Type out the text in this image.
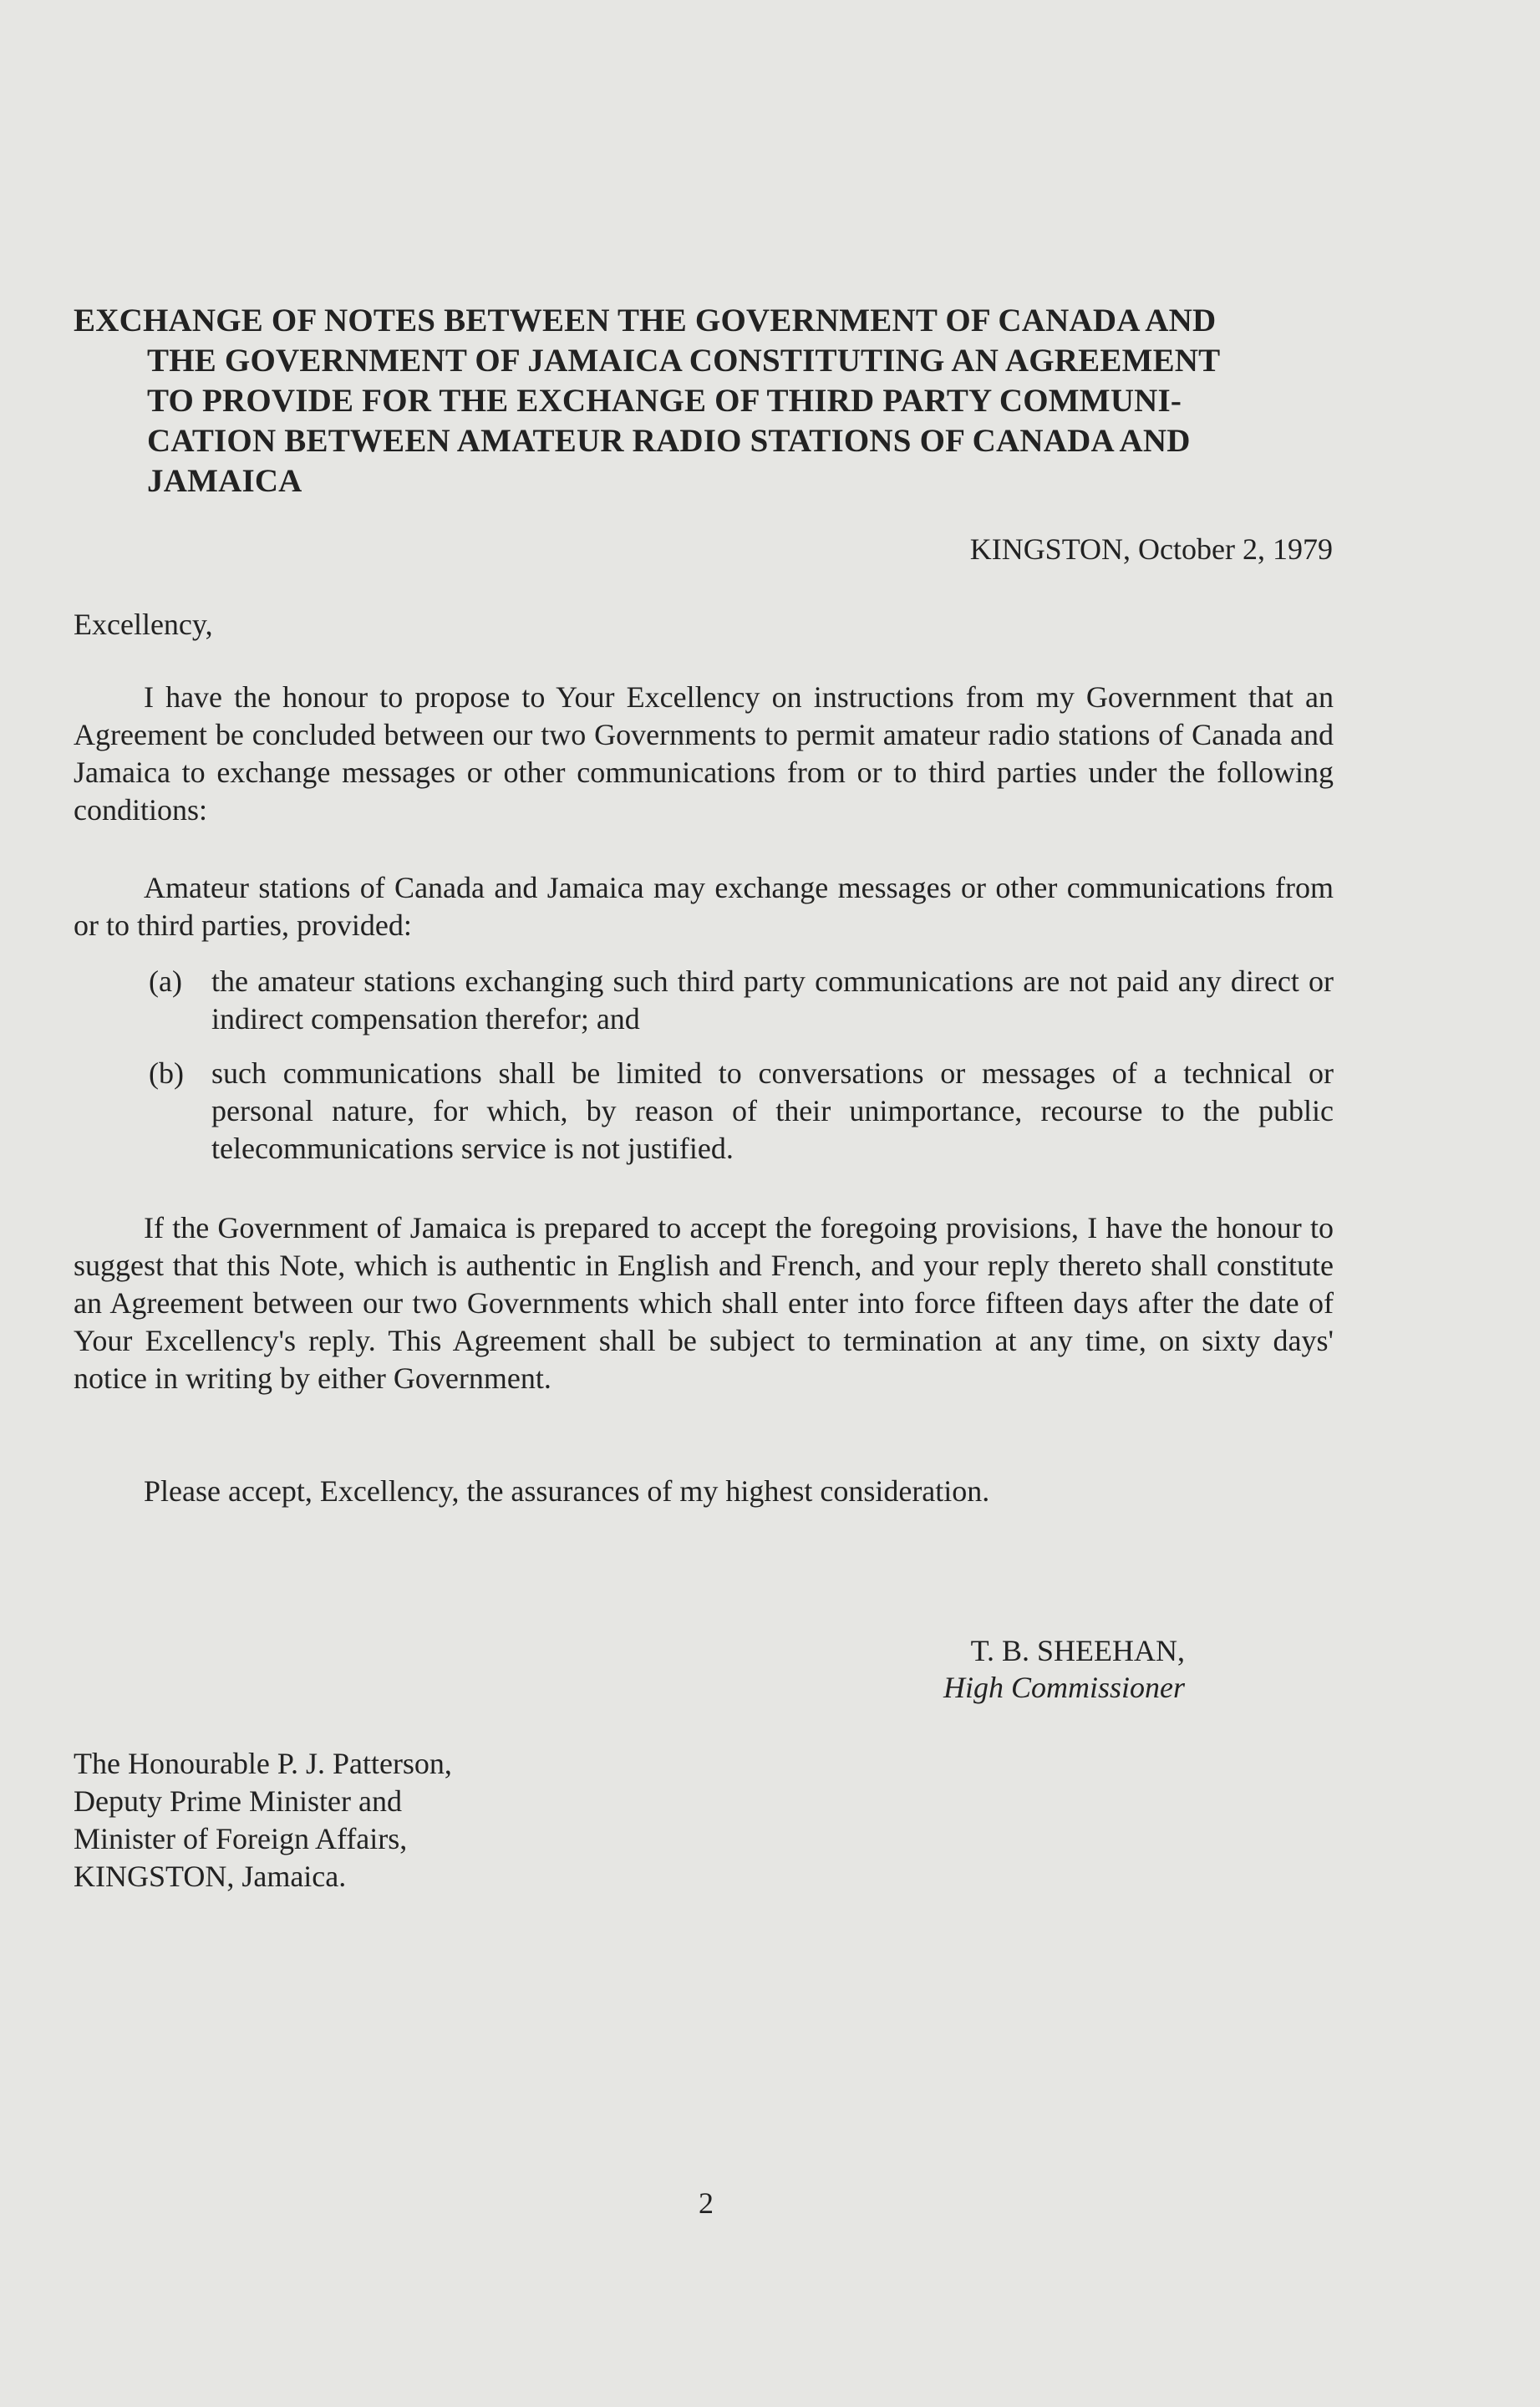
EXCHANGE OF NOTES BETWEEN THE GOVERNMENT OF CANADA AND
THE GOVERNMENT OF JAMAICA CONSTITUTING AN AGREEMENT
TO PROVIDE FOR THE EXCHANGE OF THIRD PARTY COMMUNI-
CATION BETWEEN AMATEUR RADIO STATIONS OF CANADA AND
JAMAICA
KINGSTON, October 2, 1979
Excellency,
I have the honour to propose to Your Excellency on instructions from my Government that an Agreement be concluded between our two Governments to permit amateur radio stations of Canada and Jamaica to exchange messages or other communications from or to third parties under the following conditions:
Amateur stations of Canada and Jamaica may exchange messages or other communications from or to third parties, provided:
(a) the amateur stations exchanging such third party communications are not paid any direct or indirect compensation therefor; and
(b) such communications shall be limited to conversations or messages of a technical or personal nature, for which, by reason of their unimportance, recourse to the public telecommunications service is not justified.
If the Government of Jamaica is prepared to accept the foregoing provisions, I have the honour to suggest that this Note, which is authentic in English and French, and your reply thereto shall constitute an Agreement between our two Governments which shall enter into force fifteen days after the date of Your Excellency's reply. This Agreement shall be subject to termination at any time, on sixty days' notice in writing by either Government.
Please accept, Excellency, the assurances of my highest consideration.
T. B. SHEEHAN,
High Commissioner
The Honourable P. J. Patterson,
Deputy Prime Minister and
Minister of Foreign Affairs,
KINGSTON, Jamaica.
2
